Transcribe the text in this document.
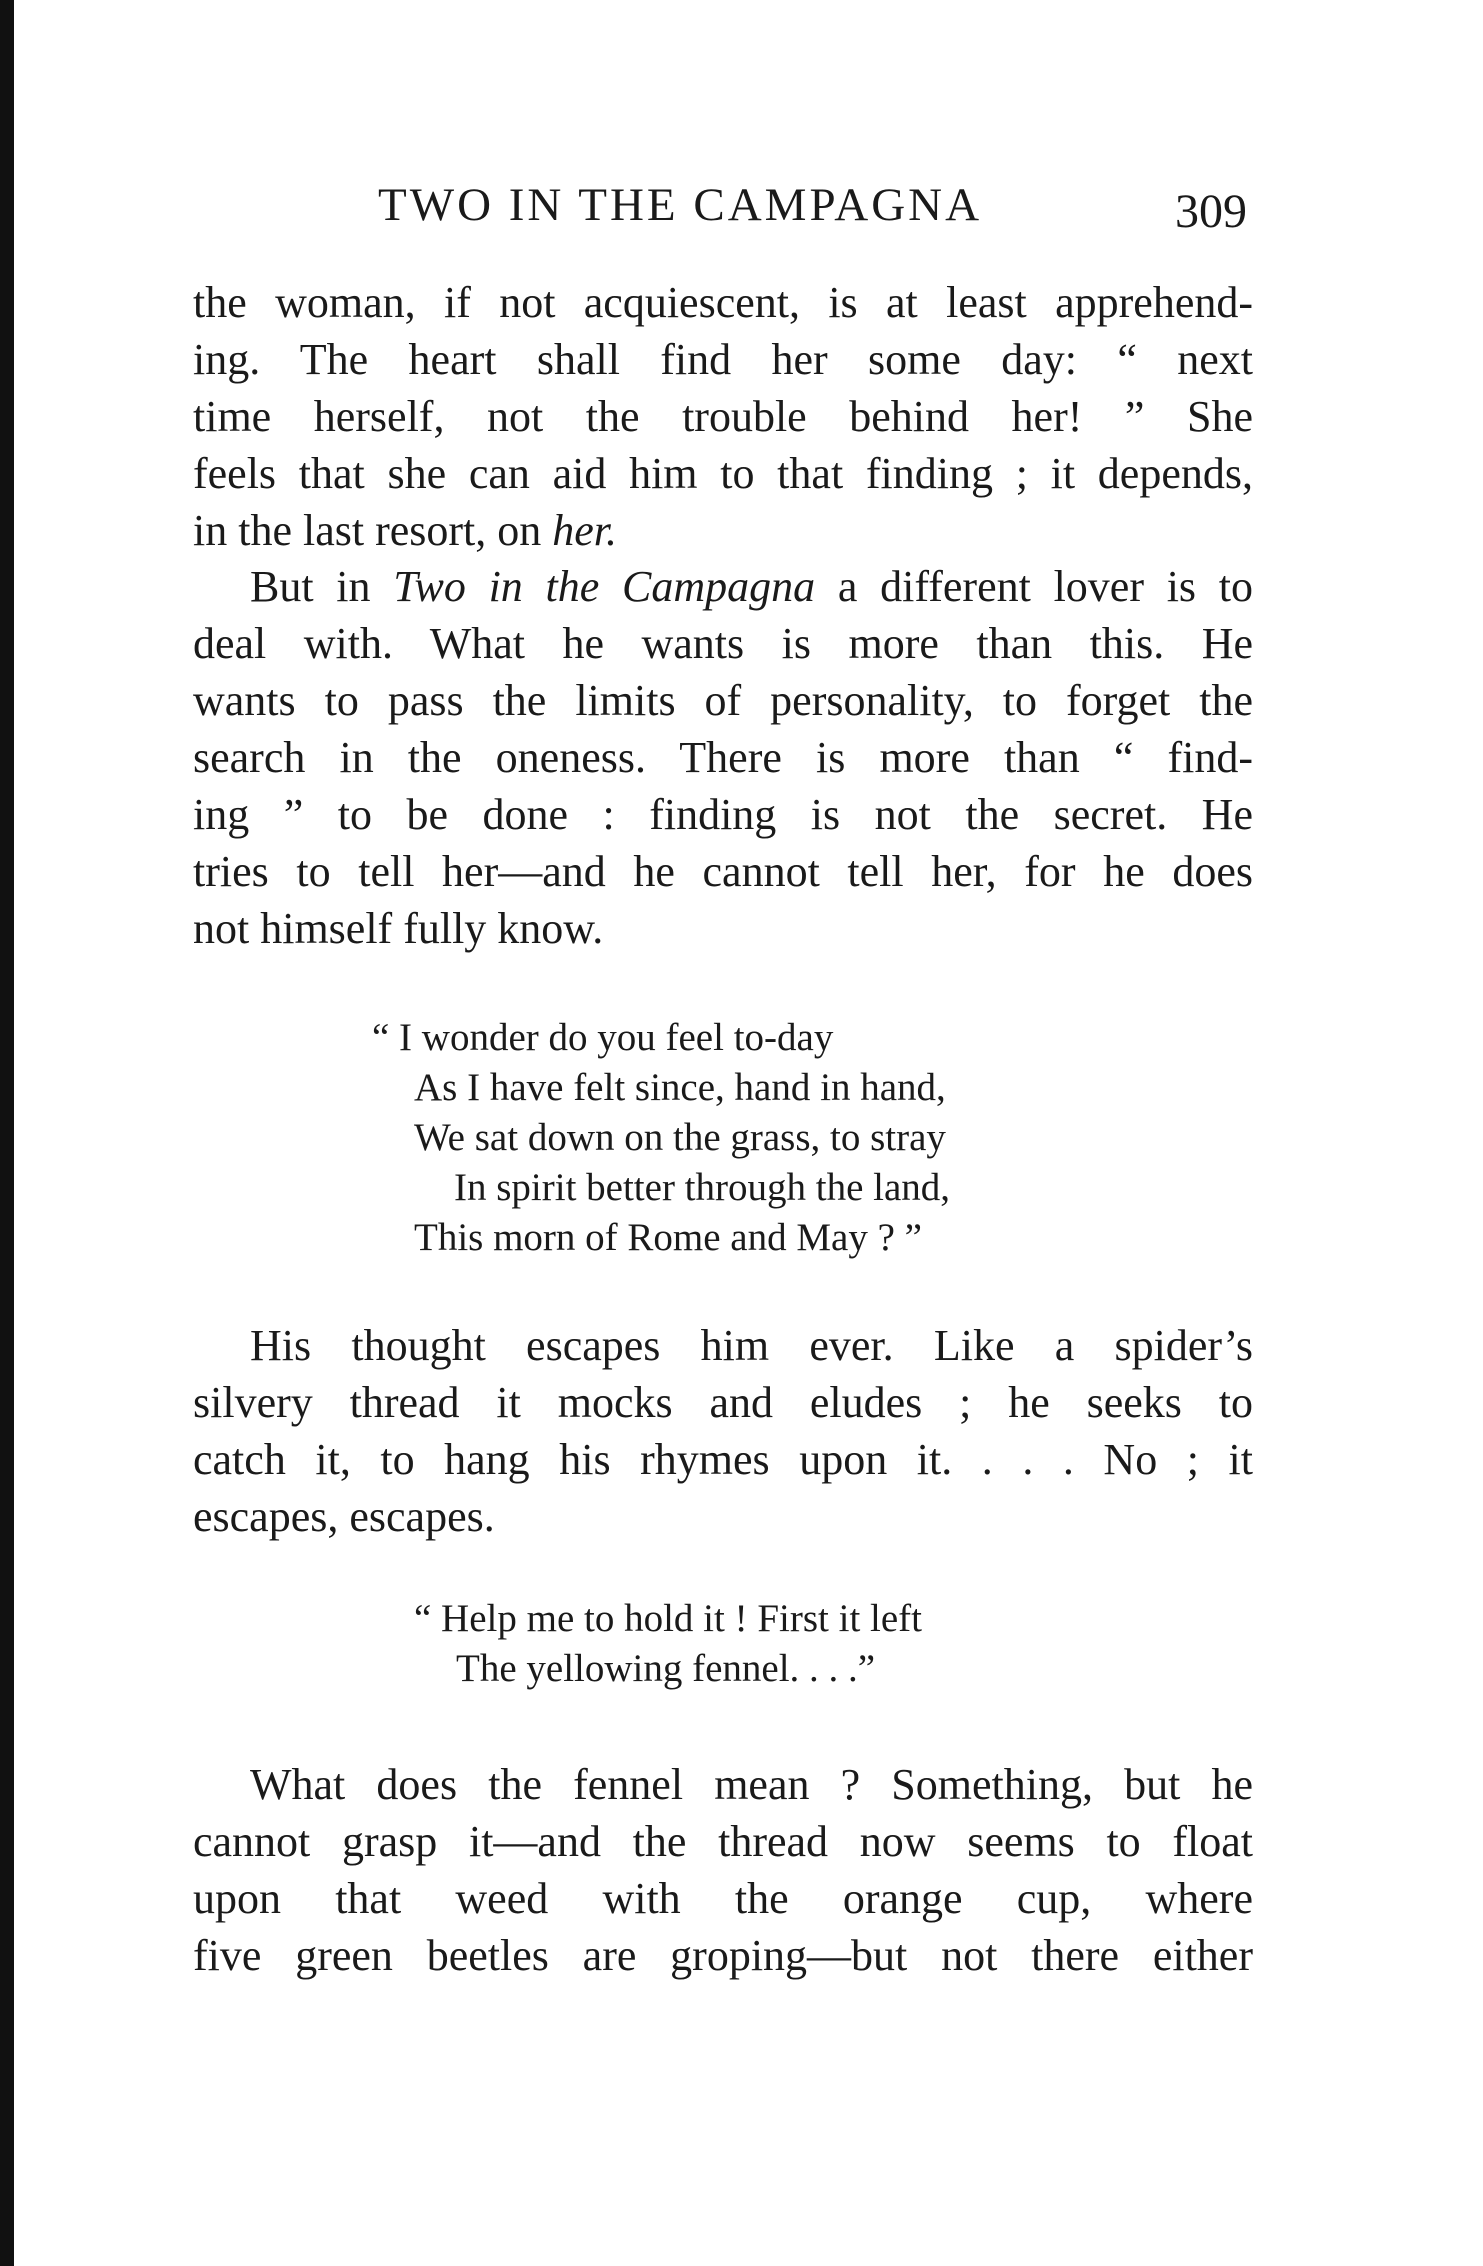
TWO IN THE CAMPAGNA	309
the woman, if not acquiescent, is at least apprehend-
ing. The heart shall find her some day: “ next
time herself, not the trouble behind her! ” She
feels that she can aid him to that finding ; it depends,
in the last resort, on her.
But in Two in the Campagna a different lover is to
deal with. What he wants is more than this. He
wants to pass the limits of personality, to forget the
search in the oneness. There is more than “ find-
ing ” to be done : finding is not the secret. He
tries to tell her—and he cannot tell her, for he does
not himself fully know.
“ I wonder do you feel to-day
As I have felt since, hand in hand,
We sat down on the grass, to stray
In spirit better through the land,
This morn of Rome and May ? ”
His thought escapes him ever. Like a spider’s
silvery thread it mocks and eludes ; he seeks to
catch it, to hang his rhymes upon it. . . . No ; it
escapes, escapes.
“ Help me to hold it ! First it left
The yellowing fennel. . . .”
What does the fennel mean ? Something, but he
cannot grasp it—and the thread now seems to float
upon that weed with the orange cup, where
five green beetles are groping—but not there either
